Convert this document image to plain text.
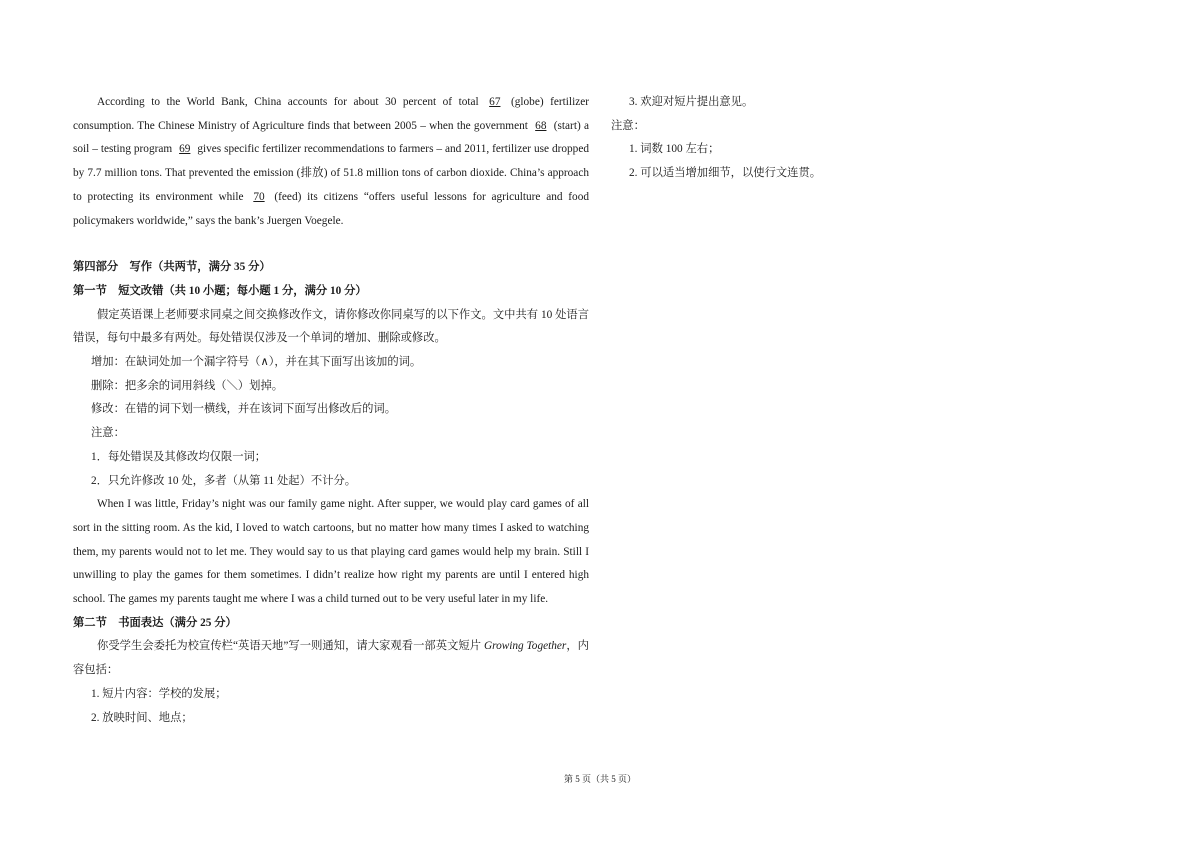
According to the World Bank, China accounts for about 30 percent of total 67 (globe) fertilizer consumption. The Chinese Ministry of Agriculture finds that between 2005 – when the government 68 (start) a soil – testing program 69 gives specific fertilizer recommendations to farmers – and 2011, fertilizer use dropped by 7.7 million tons. That prevented the emission (排放) of 51.8 million tons of carbon dioxide. China’s approach to protecting its environment while 70 (feed) its citizens “offers useful lessons for agriculture and food policymakers worldwide,” says the bank’s Juergen Voegele.

第四部分　写作（共两节，满分 35 分）

第一节　短文改错（共 10 小题；每小题 1 分，满分 10 分）

假定英语课上老师要求同桌之间交换修改作文，请你修改你同桌写的以下作文。文中共有 10 处语言错误，每句中最多有两处。每处错误仅涉及一个单词的增加、删除或修改。

增加：在缺词处加一个漏字符号（∧），并在其下面写出该加的词。

删除：把多余的词用斜线（＼）划掉。

修改：在错的词下划一横线，并在该词下面写出修改后的词。

注意：

1．每处错误及其修改均仅限一词；

2．只允许修改 10 处，多者（从第 11 处起）不计分。

When I was little, Friday’s night was our family game night. After supper, we would play card games of all sort in the sitting room. As the kid, I loved to watch cartoons, but no matter how many times I asked to watching them, my parents would not to let me. They would say to us that playing card games would help my brain. Still I unwilling to play the games for them sometimes. I didn’t realize how right my parents are until I entered high school. The games my parents taught me where I was a child turned out to be very useful later in my life.

第二节　书面表达（满分 25 分）

你受学生会委托为校宣传栏“英语天地”写一则通知，请大家观看一部英文短片 Growing Together，内容包括：

1. 短片内容：学校的发展；

2. 放映时间、地点；

3. 欢迎对短片提出意见。

注意：

1. 词数 100 左右；

2. 可以适当增加细节，以使行文连贯。

第 5 页（共 5 页）
